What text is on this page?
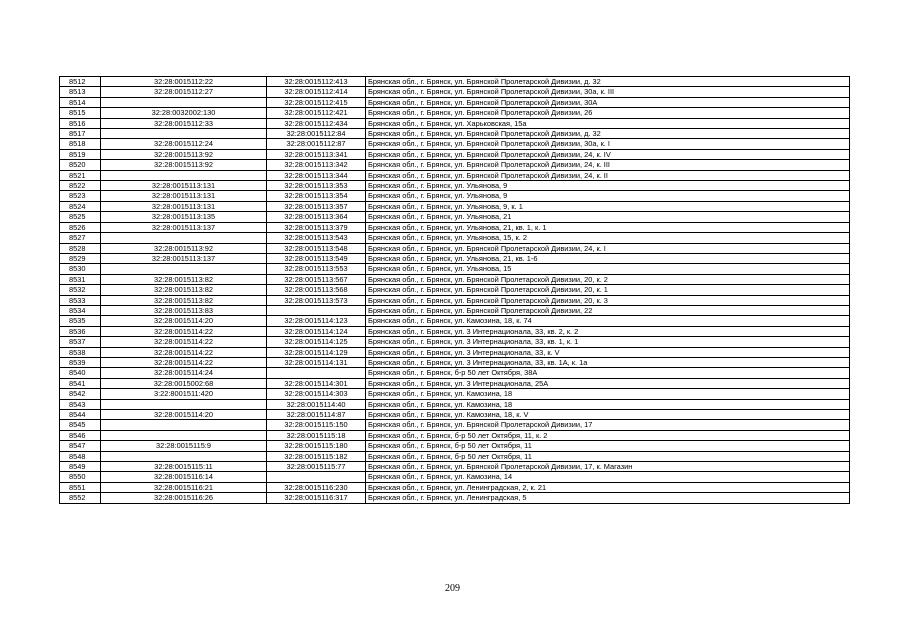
8512	32:28:0015112:22	32:28:0015112:413	Брянская обл., г. Брянск, ул. Брянской Пролетарской Дивизии, д. 32
8513	32:28:0015112:27	32:28:0015112:414	Брянская обл., г. Брянск, ул. Брянской Пролетарской Дивизии, 30а, к. III
8514		32:28:0015112:415	Брянская обл., г. Брянск, ул. Брянской Пролетарской Дивизии, 30А
8515	32:28:0032002:130	32:28:0015112:421	Брянская обл., г. Брянск, ул. Брянской Пролетарской Дивизии, 26
8516	32:28:0015112:33	32:28:0015112:434	Брянская обл., г. Брянск, ул. Харьковская, 15а
8517		32:28:0015112:84	Брянская обл., г. Брянск, ул. Брянской Пролетарской Дивизии, д. 32
8518	32:28:0015112:24	32:28:0015112:87	Брянская обл., г. Брянск, ул. Брянской Пролетарской Дивизии, 30а, к. I
8519	32:28:0015113:92	32:28:0015113:341	Брянская обл., г. Брянск, ул. Брянской Пролетарской Дивизии, 24, к. IV
8520	32:28:0015113:92	32:28:0015113:342	Брянская обл., г. Брянск, ул. Брянской Пролетарской Дивизии, 24, к. III
8521		32:28:0015113:344	Брянская обл., г. Брянск, ул. Брянской Пролетарской Дивизии, 24, к. II
8522	32:28:0015113:131	32:28:0015113:353	Брянская обл., г. Брянск, ул. Ульянова, 9
8523	32:28:0015113:131	32:28:0015113:354	Брянская обл., г. Брянск, ул. Ульянова, 9
8524	32:28:0015113:131	32:28:0015113:357	Брянская обл., г. Брянск, ул. Ульянова, 9, к. 1
8525	32:28:0015113:135	32:28:0015113:364	Брянская обл., г. Брянск, ул. Ульянова, 21
8526	32:28:0015113:137	32:28:0015113:379	Брянская обл., г. Брянск, ул. Ульянова, 21, кв. 1, к. 1
8527		32:28:0015113:543	Брянская обл., г. Брянск, ул. Ульянова, 15, к. 2
8528	32:28:0015113:92	32:28:0015113:548	Брянская обл., г. Брянск, ул. Брянской Пролетарской Дивизии, 24, к. I
8529	32:28:0015113:137	32:28:0015113:549	Брянская обл., г. Брянск, ул. Ульянова, 21, кв. 1-6
8530		32:28:0015113:553	Брянская обл., г. Брянск, ул. Ульянова, 15
8531	32:28:0015113:82	32:28:0015113:567	Брянская обл., г. Брянск, ул. Брянской Пролетарской Дивизии, 20, к. 2
8532	32:28:0015113:82	32:28:0015113:568	Брянская обл., г. Брянск, ул. Брянской Пролетарской Дивизии, 20, к. 1
8533	32:28:0015113:82	32:28:0015113:573	Брянская обл., г. Брянск, ул. Брянской Пролетарской Дивизии, 20, к. 3
8534	32:28:0015113:83		Брянская обл., г. Брянск, ул. Брянской Пролетарской Дивизии, 22
8535	32:28:0015114:20	32:28:0015114:123	Брянская обл., г. Брянск, ул. Камозина, 18, к. 74
8536	32:28:0015114:22	32:28:0015114:124	Брянская обл., г. Брянск, ул. 3 Интернационала, 33, кв. 2, к. 2
8537	32:28:0015114:22	32:28:0015114:125	Брянская обл., г. Брянск, ул. 3 Интернационала, 33, кв. 1, к. 1
8538	32:28:0015114:22	32:28:0015114:129	Брянская обл., г. Брянск, ул. 3 Интернационала, 33, к. V
8539	32:28:0015114:22	32:28:0015114:131	Брянская обл., г. Брянск, ул. 3 Интернационала, 33, кв. 1А, к. 1а
8540	32:28:0015114:24		Брянская обл., г. Брянск, б-р 50 лет Октября, 38А
8541	32:28:0015002:68	32:28:0015114:301	Брянская обл., г. Брянск, ул. 3 Интернационала, 25А
8542	3:22:8001511:420	32:28:0015114:303	Брянская обл., г. Брянск, ул. Камозина, 18
8543		32:28:0015114:40	Брянская обл., г. Брянск, ул. Камозина, 18
8544	32:28:0015114:20	32:28:0015114:87	Брянская обл., г. Брянск, ул. Камозина, 18, к. V
8545		32:28:0015115:150	Брянская обл., г. Брянск, ул. Брянской Пролетарской Дивизии, 17
8546		32:28:0015115:18	Брянская обл., г. Брянск, б-р 50 лет Октября, 11, к. 2
8547	32:28:0015115:9	32:28:0015115:180	Брянская обл., г. Брянск, б-р 50 лет Октября, 11
8548		32:28:0015115:182	Брянская обл., г. Брянск, б-р 50 лет Октября, 11
8549	32:28:0015115:11	32:28:0015115:77	Брянская обл., г. Брянск, ул. Брянской Пролетарской Дивизии, 17, к. Магазин
8550	32:28:0015116:14		Брянская обл., г. Брянск, ул. Камозина, 14
8551	32:28:0015116:21	32:28:0015116:230	Брянская обл., г. Брянск, ул. Ленинградская, 2, к. 21
8552	32:28:0015116:26	32:28:0015116:317	Брянская обл., г. Брянск, ул. Ленинградская, 5
209
